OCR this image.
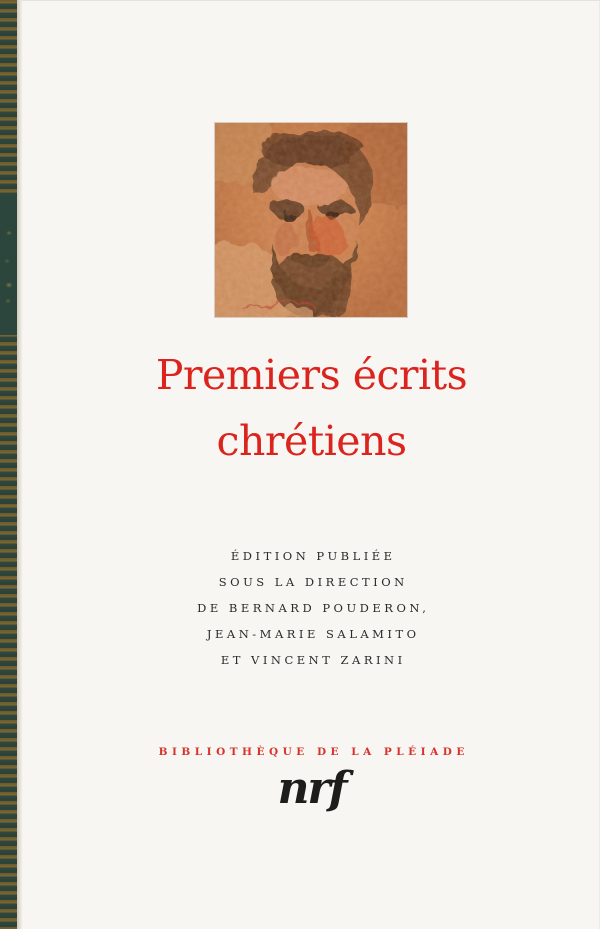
Premiers écrits
chrétiens
ÉDITION PUBLIÉE
SOUS LA DIRECTION
DE BERNARD POUDERON,
JEAN-MARIE SALAMITO
ET VINCENT ZARINI
BIBLIOTHÈQUE DE LA PLÉIADE
nrf
